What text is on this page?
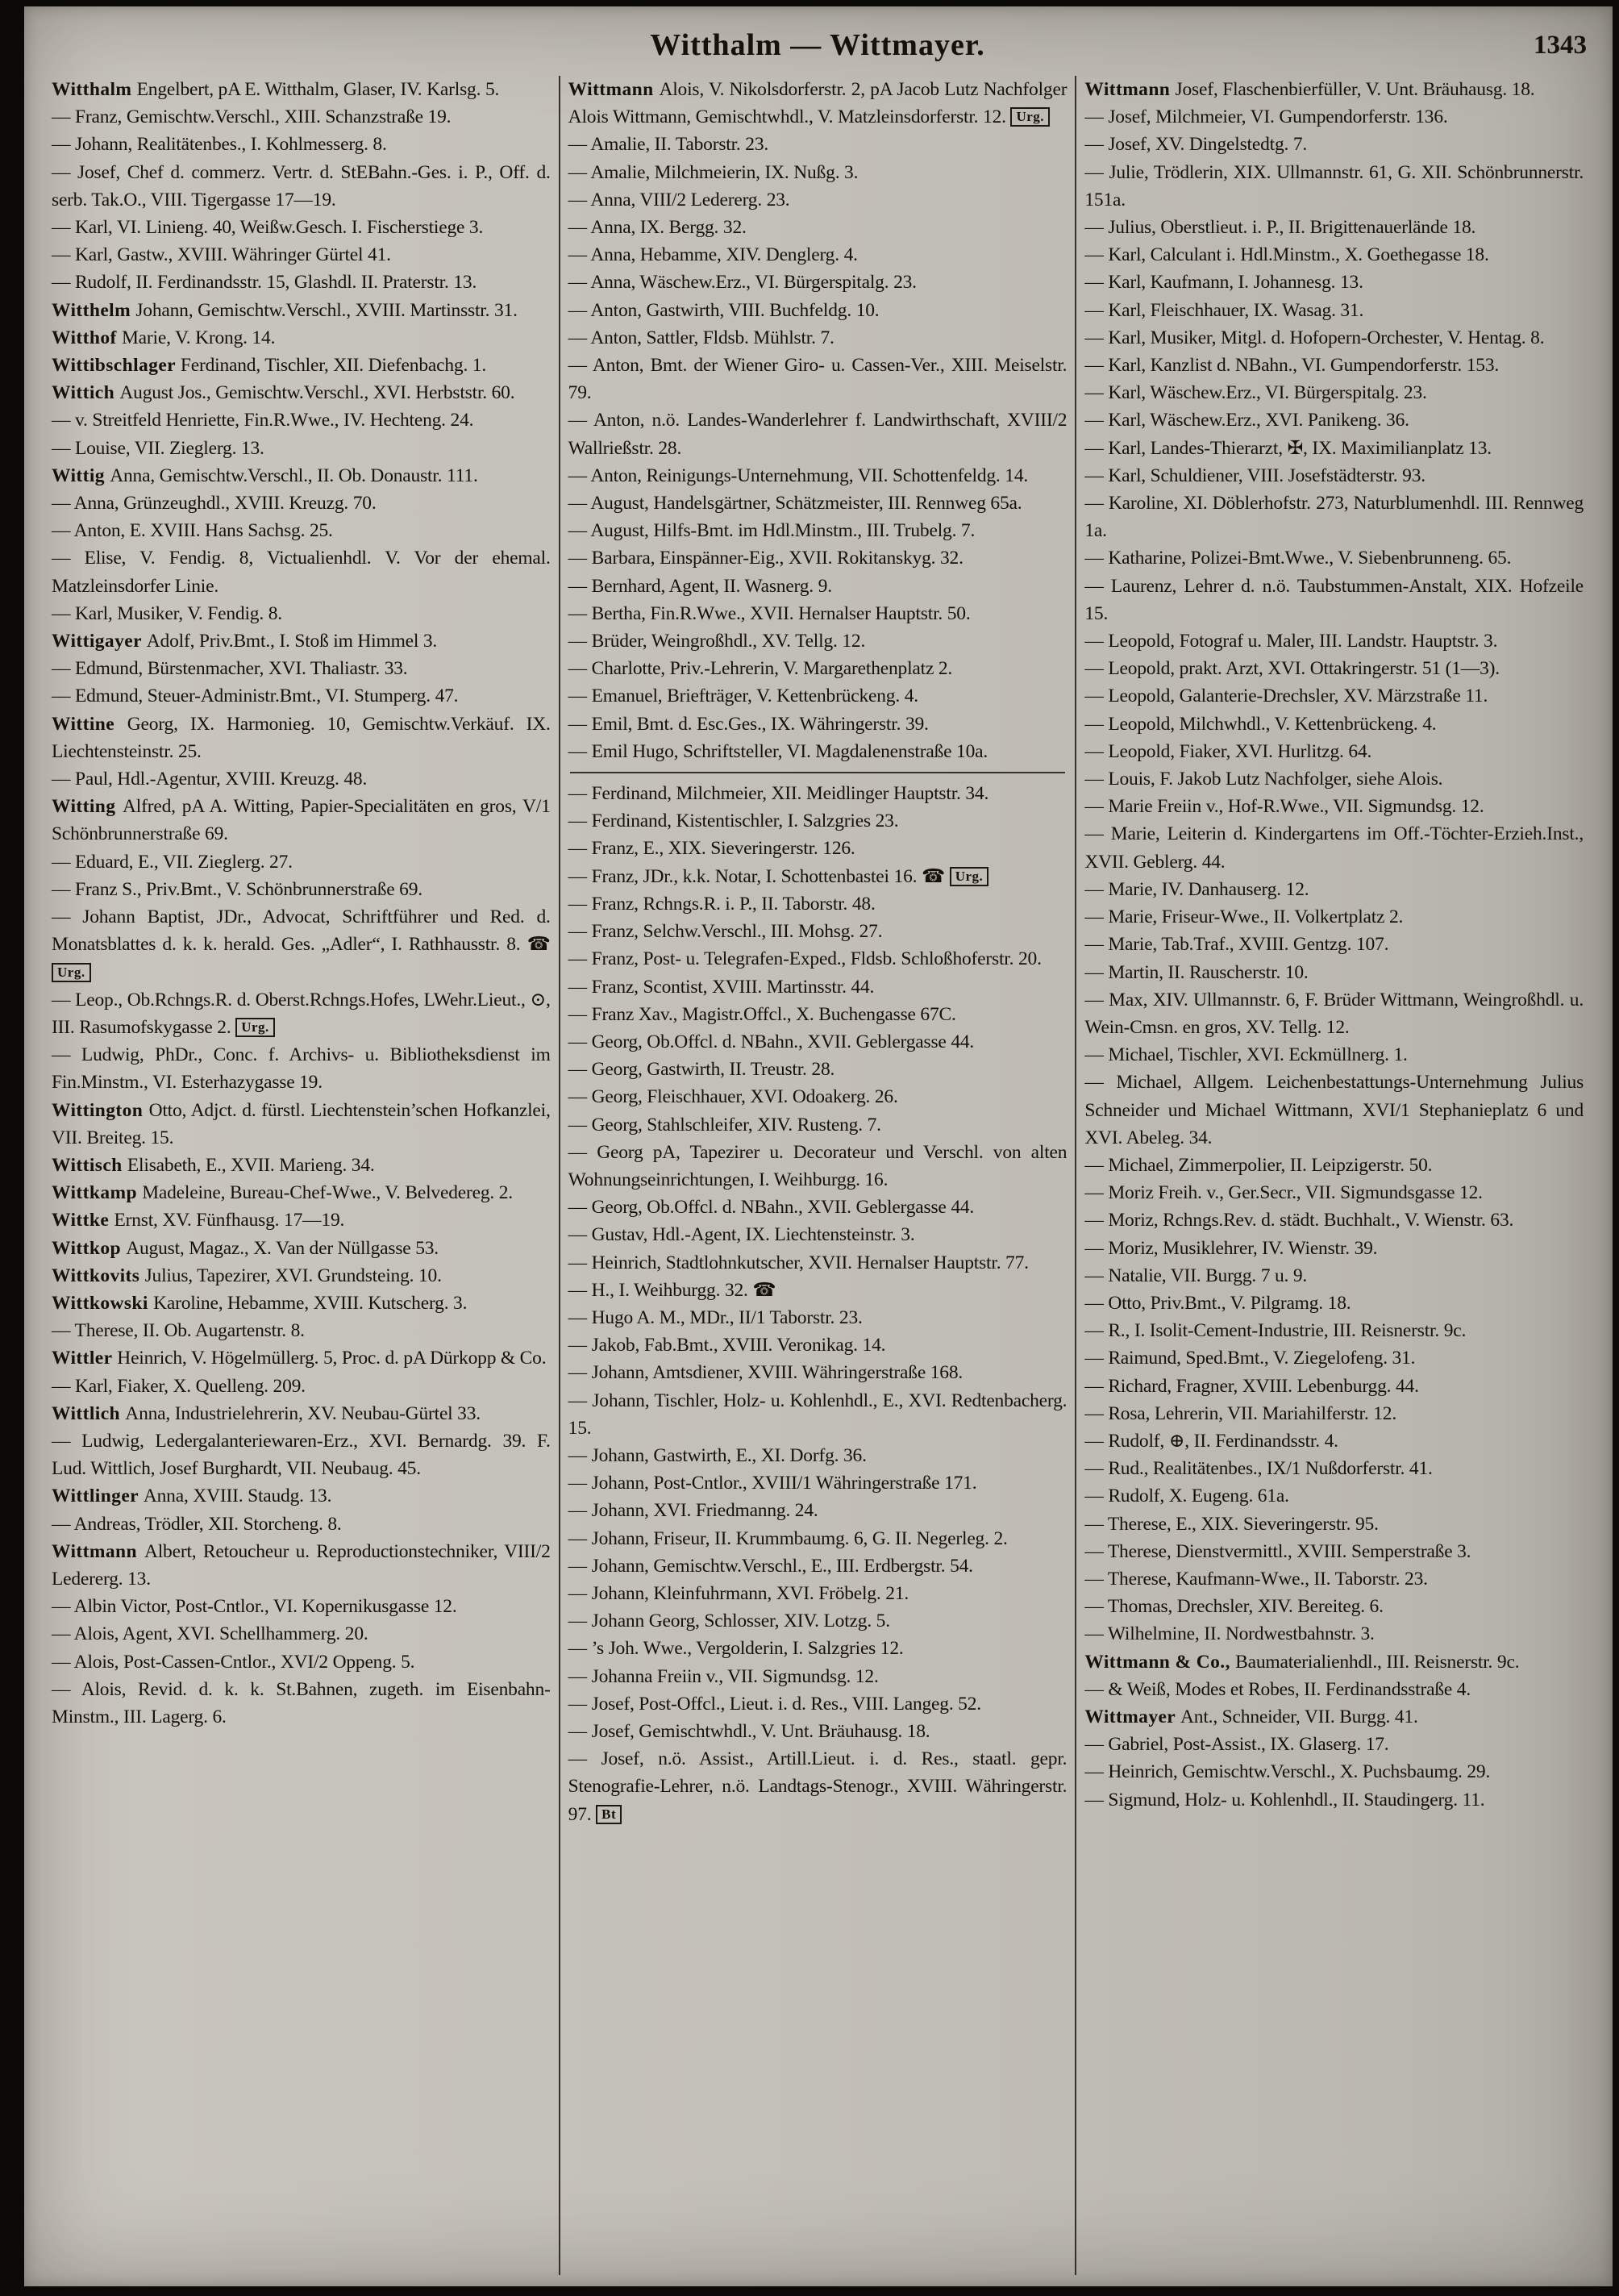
Witthalm — Wittmayer.	1343

Witthalm Engelbert, pA E. Witthalm, Glaser, IV. Karlsg. 5.

— Franz, Gemischtw.Verschl., XIII. Schanzstraße 19.

— Johann, Realitätenbes., I. Kohlmesserg. 8.

— Josef, Chef d. commerz. Vertr. d. StEBahn.-Ges. i. P., Off. d. serb. Tak.O., VIII. Tigergasse 17—19.

— Karl, VI. Linieng. 40, Weißw.Gesch. I. Fischerstiege 3.

— Karl, Gastw., XVIII. Währinger Gürtel 41.

— Rudolf, II. Ferdinandsstr. 15, Glashdl. II. Praterstr. 13.

Witthelm Johann, Gemischtw.Verschl., XVIII. Martinsstr. 31.

Witthof Marie, V. Krong. 14.

Wittibschlager Ferdinand, Tischler, XII. Diefenbachg. 1.

Wittich August Jos., Gemischtw.Verschl., XVI. Herbststr. 60.

— v. Streitfeld Henriette, Fin.R.Wwe., IV. Hechteng. 24.

— Louise, VII. Zieglerg. 13.

Wittig Anna, Gemischtw.Verschl., II. Ob. Donaustr. 111.

— Anna, Grünzeughdl., XVIII. Kreuzg. 70.

— Anton, E. XVIII. Hans Sachsg. 25.

— Elise, V. Fendig. 8, Victualienhdl. V. Vor der ehemal. Matzleinsdorfer Linie.

— Karl, Musiker, V. Fendig. 8.

Wittigayer Adolf, Priv.Bmt., I. Stoß im Himmel 3.

— Edmund, Bürstenmacher, XVI. Thaliastr. 33.

— Edmund, Steuer-Administr.Bmt., VI. Stumperg. 47.

Wittine Georg, IX. Harmonieg. 10, Gemischtw.Verkäuf. IX. Liechtensteinstr. 25.

— Paul, Hdl.-Agentur, XVIII. Kreuzg. 48.

Witting Alfred, pA A. Witting, Papier-Specialitäten en gros, V/1 Schönbrunnerstraße 69.

— Eduard, E., VII. Zieglerg. 27.

— Franz S., Priv.Bmt., V. Schönbrunnerstraße 69.

— Johann Baptist, JDr., Advocat, Schriftführer und Red. d. Monatsblattes d. k. k. herald. Ges. „Adler“, I. Rathhausstr. 8. ☎ Urg.

— Leop., Ob.Rchngs.R. d. Oberst.Rchngs.Hofes, LWehr.Lieut., ⊙, III. Rasumofskygasse 2. Urg.

— Ludwig, PhDr., Conc. f. Archivs- u. Bibliotheksdienst im Fin.Minstm., VI. Esterhazygasse 19.

Wittington Otto, Adjct. d. fürstl. Liechtenstein’schen Hofkanzlei, VII. Breiteg. 15.

Wittisch Elisabeth, E., XVII. Marieng. 34.

Wittkamp Madeleine, Bureau-Chef-Wwe., V. Belvedereg. 2.

Wittke Ernst, XV. Fünfhausg. 17—19.

Wittkop August, Magaz., X. Van der Nüllgasse 53.

Wittkovits Julius, Tapezirer, XVI. Grundsteing. 10.

Wittkowski Karoline, Hebamme, XVIII. Kutscherg. 3.

— Therese, II. Ob. Augartenstr. 8.

Wittler Heinrich, V. Högelmüllerg. 5, Proc. d. pA Dürkopp & Co.

— Karl, Fiaker, X. Quelleng. 209.

Wittlich Anna, Industrielehrerin, XV. Neubau-Gürtel 33.

— Ludwig, Ledergalanteriewaren-Erz., XVI. Bernardg. 39. F. Lud. Wittlich, Josef Burghardt, VII. Neubaug. 45.

Wittlinger Anna, XVIII. Staudg. 13.

— Andreas, Trödler, XII. Storcheng. 8.

Wittmann Albert, Retoucheur u. Reproductionstechniker, VIII/2 Ledererg. 13.

— Albin Victor, Post-Cntlor., VI. Kopernikusgasse 12.

— Alois, Agent, XVI. Schellhammerg. 20.

— Alois, Post-Cassen-Cntlor., XVI/2 Oppeng. 5.

— Alois, Revid. d. k. k. St.Bahnen, zugeth. im Eisenbahn-Minstm., III. Lagerg. 6.

Wittmann Alois, V. Nikolsdorferstr. 2, pA Jacob Lutz Nachfolger Alois Wittmann, Gemischtwhdl., V. Matzleinsdorferstr. 12. Urg.

— Amalie, II. Taborstr. 23.

— Amalie, Milchmeierin, IX. Nußg. 3.

— Anna, VIII/2 Ledererg. 23.

— Anna, IX. Bergg. 32.

— Anna, Hebamme, XIV. Denglerg. 4.

— Anna, Wäschew.Erz., VI. Bürgerspitalg. 23.

— Anton, Gastwirth, VIII. Buchfeldg. 10.

— Anton, Sattler, Fldsb. Mühlstr. 7.

— Anton, Bmt. der Wiener Giro- u. Cassen-Ver., XIII. Meiselstr. 79.

— Anton, n.ö. Landes-Wanderlehrer f. Landwirthschaft, XVIII/2 Wallrießstr. 28.

— Anton, Reinigungs-Unternehmung, VII. Schottenfeldg. 14.

— August, Handelsgärtner, Schätzmeister, III. Rennweg 65a.

— August, Hilfs-Bmt. im Hdl.Minstm., III. Trubelg. 7.

— Barbara, Einspänner-Eig., XVII. Rokitanskyg. 32.

— Bernhard, Agent, II. Wasnerg. 9.

— Bertha, Fin.R.Wwe., XVII. Hernalser Hauptstr. 50.

— Brüder, Weingroßhdl., XV. Tellg. 12.

— Charlotte, Priv.-Lehrerin, V. Margarethenplatz 2.

— Emanuel, Briefträger, V. Kettenbrückeng. 4.

— Emil, Bmt. d. Esc.Ges., IX. Währingerstr. 39.

— Emil Hugo, Schriftsteller, VI. Magdalenenstraße 10a.

— Ferdinand, Milchmeier, XII. Meidlinger Hauptstr. 34.

— Ferdinand, Kistentischler, I. Salzgries 23.

— Franz, E., XIX. Sieveringerstr. 126.

— Franz, JDr., k.k. Notar, I. Schottenbastei 16. ☎ Urg.

— Franz, Rchngs.R. i. P., II. Taborstr. 48.

— Franz, Selchw.Verschl., III. Mohsg. 27.

— Franz, Post- u. Telegrafen-Exped., Fldsb. Schloßhoferstr. 20.

— Franz, Scontist, XVIII. Martinsstr. 44.

— Franz Xav., Magistr.Offcl., X. Buchengasse 67C.

— Georg, Ob.Offcl. d. NBahn., XVII. Geblergasse 44.

— Georg, Gastwirth, II. Treustr. 28.

— Georg, Fleischhauer, XVI. Odoakerg. 26.

— Georg, Stahlschleifer, XIV. Rusteng. 7.

— Georg pA, Tapezirer u. Decorateur und Verschl. von alten Wohnungseinrichtungen, I. Weihburgg. 16.

— Georg, Ob.Offcl. d. NBahn., XVII. Geblergasse 44.

— Gustav, Hdl.-Agent, IX. Liechtensteinstr. 3.

— Heinrich, Stadtlohnkutscher, XVII. Hernalser Hauptstr. 77.

— H., I. Weihburgg. 32. ☎

— Hugo A. M., MDr., II/1 Taborstr. 23.

— Jakob, Fab.Bmt., XVIII. Veronikag. 14.

— Johann, Amtsdiener, XVIII. Währingerstraße 168.

— Johann, Tischler, Holz- u. Kohlenhdl., E., XVI. Redtenbacherg. 15.

— Johann, Gastwirth, E., XI. Dorfg. 36.

— Johann, Post-Cntlor., XVIII/1 Währingerstraße 171.

— Johann, XVI. Friedmanng. 24.

— Johann, Friseur, II. Krummbaumg. 6, G. II. Negerleg. 2.

— Johann, Gemischtw.Verschl., E., III. Erdbergstr. 54.

— Johann, Kleinfuhrmann, XVI. Fröbelg. 21.

— Johann Georg, Schlosser, XIV. Lotzg. 5.

— ’s Joh. Wwe., Vergolderin, I. Salzgries 12.

— Johanna Freiin v., VII. Sigmundsg. 12.

— Josef, Post-Offcl., Lieut. i. d. Res., VIII. Langeg. 52.

— Josef, Gemischtwhdl., V. Unt. Bräuhausg. 18.

— Josef, n.ö. Assist., Artill.Lieut. i. d. Res., staatl. gepr. Stenografie-Lehrer, n.ö. Landtags-Stenogr., XVIII. Währingerstr. 97. Bt

Wittmann Josef, Flaschenbierfüller, V. Unt. Bräuhausg. 18.

— Josef, Milchmeier, VI. Gumpendorferstr. 136.

— Josef, XV. Dingelstedtg. 7.

— Julie, Trödlerin, XIX. Ullmannstr. 61, G. XII. Schönbrunnerstr. 151a.

— Julius, Oberstlieut. i. P., II. Brigittenauerlände 18.

— Karl, Calculant i. Hdl.Minstm., X. Goethegasse 18.

— Karl, Kaufmann, I. Johannesg. 13.

— Karl, Fleischhauer, IX. Wasag. 31.

— Karl, Musiker, Mitgl. d. Hofopern-Orchester, V. Hentag. 8.

— Karl, Kanzlist d. NBahn., VI. Gumpendorferstr. 153.

— Karl, Wäschew.Erz., VI. Bürgerspitalg. 23.

— Karl, Wäschew.Erz., XVI. Panikeng. 36.

— Karl, Landes-Thierarzt, ✠, IX. Maximilianplatz 13.

— Karl, Schuldiener, VIII. Josefstädterstr. 93.

— Karoline, XI. Döblerhofstr. 273, Naturblumenhdl. III. Rennweg 1a.

— Katharine, Polizei-Bmt.Wwe., V. Siebenbrunneng. 65.

— Laurenz, Lehrer d. n.ö. Taubstummen-Anstalt, XIX. Hofzeile 15.

— Leopold, Fotograf u. Maler, III. Landstr. Hauptstr. 3.

— Leopold, prakt. Arzt, XVI. Ottakringerstr. 51 (1—3).

— Leopold, Galanterie-Drechsler, XV. Märzstraße 11.

— Leopold, Milchwhdl., V. Kettenbrückeng. 4.

— Leopold, Fiaker, XVI. Hurlitzg. 64.

— Louis, F. Jakob Lutz Nachfolger, siehe Alois.

— Marie Freiin v., Hof-R.Wwe., VII. Sigmundsg. 12.

— Marie, Leiterin d. Kindergartens im Off.-Töchter-Erzieh.Inst., XVII. Geblerg. 44.

— Marie, IV. Danhauserg. 12.

— Marie, Friseur-Wwe., II. Volkertplatz 2.

— Marie, Tab.Traf., XVIII. Gentzg. 107.

— Martin, II. Rauscherstr. 10.

— Max, XIV. Ullmannstr. 6, F. Brüder Wittmann, Weingroßhdl. u. Wein-Cmsn. en gros, XV. Tellg. 12.

— Michael, Tischler, XVI. Eckmüllnerg. 1.

— Michael, Allgem. Leichenbestattungs-Unternehmung Julius Schneider und Michael Wittmann, XVI/1 Stephanieplatz 6 und XVI. Abeleg. 34.

— Michael, Zimmerpolier, II. Leipzigerstr. 50.

— Moriz Freih. v., Ger.Secr., VII. Sigmundsgasse 12.

— Moriz, Rchngs.Rev. d. städt. Buchhalt., V. Wienstr. 63.

— Moriz, Musiklehrer, IV. Wienstr. 39.

— Natalie, VII. Burgg. 7 u. 9.

— Otto, Priv.Bmt., V. Pilgramg. 18.

— R., I. Isolit-Cement-Industrie, III. Reisnerstr. 9c.

— Raimund, Sped.Bmt., V. Ziegelofeng. 31.

— Richard, Fragner, XVIII. Lebenburgg. 44.

— Rosa, Lehrerin, VII. Mariahilferstr. 12.

— Rudolf, ⊕, II. Ferdinandsstr. 4.

— Rud., Realitätenbes., IX/1 Nußdorferstr. 41.

— Rudolf, X. Eugeng. 61a.

— Therese, E., XIX. Sieveringerstr. 95.

— Therese, Dienstvermittl., XVIII. Semperstraße 3.

— Therese, Kaufmann-Wwe., II. Taborstr. 23.

— Thomas, Drechsler, XIV. Bereiteg. 6.

— Wilhelmine, II. Nordwestbahnstr. 3.

Wittmann & Co., Baumaterialienhdl., III. Reisnerstr. 9c.

— & Weiß, Modes et Robes, II. Ferdinandsstraße 4.

Wittmayer Ant., Schneider, VII. Burgg. 41.

— Gabriel, Post-Assist., IX. Glaserg. 17.

— Heinrich, Gemischtw.Verschl., X. Puchsbaumg. 29.

— Sigmund, Holz- u. Kohlenhdl., II. Staudingerg. 11.
